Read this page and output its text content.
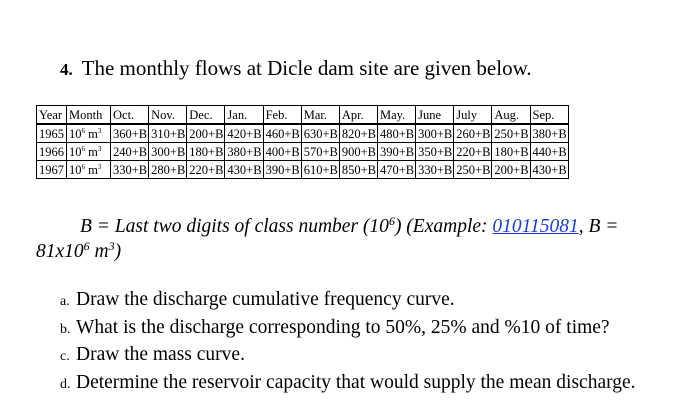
4. The monthly flows at Dicle dam site are given below.
Year	Month	Oct.	Nov.	Dec.	Jan.	Feb.	Mar.	Apr.	May.	June	July	Aug.	Sep.
1965	$10^6$ $m^3$	360+B	310+B	200+B	420+B	460+B	630+B	820+B	480+B	300+B	260+B	250+B	380+B
1966	$10^6$ $m^3$	240+B	300+B	180+B	380+B	400+B	570+B	900+B	390+B	350+B	220+B	180+B	440+B
1967	$10^6$ $m^3$	330+B	280+B	220+B	430+B	390+B	610+B	850+B	470+B	330+B	250+B	200+B	430+B
B = Last two digits of class number $(10^6)$ (Example: 010115081, B =
$81x10^6$ $m^3$)
a. Draw the discharge cumulative frequency curve.
b. What is the discharge corresponding to 50%, 25% and %10 of time?
c. Draw the mass curve.
d. Determine the reservoir capacity that would supply the mean discharge.
